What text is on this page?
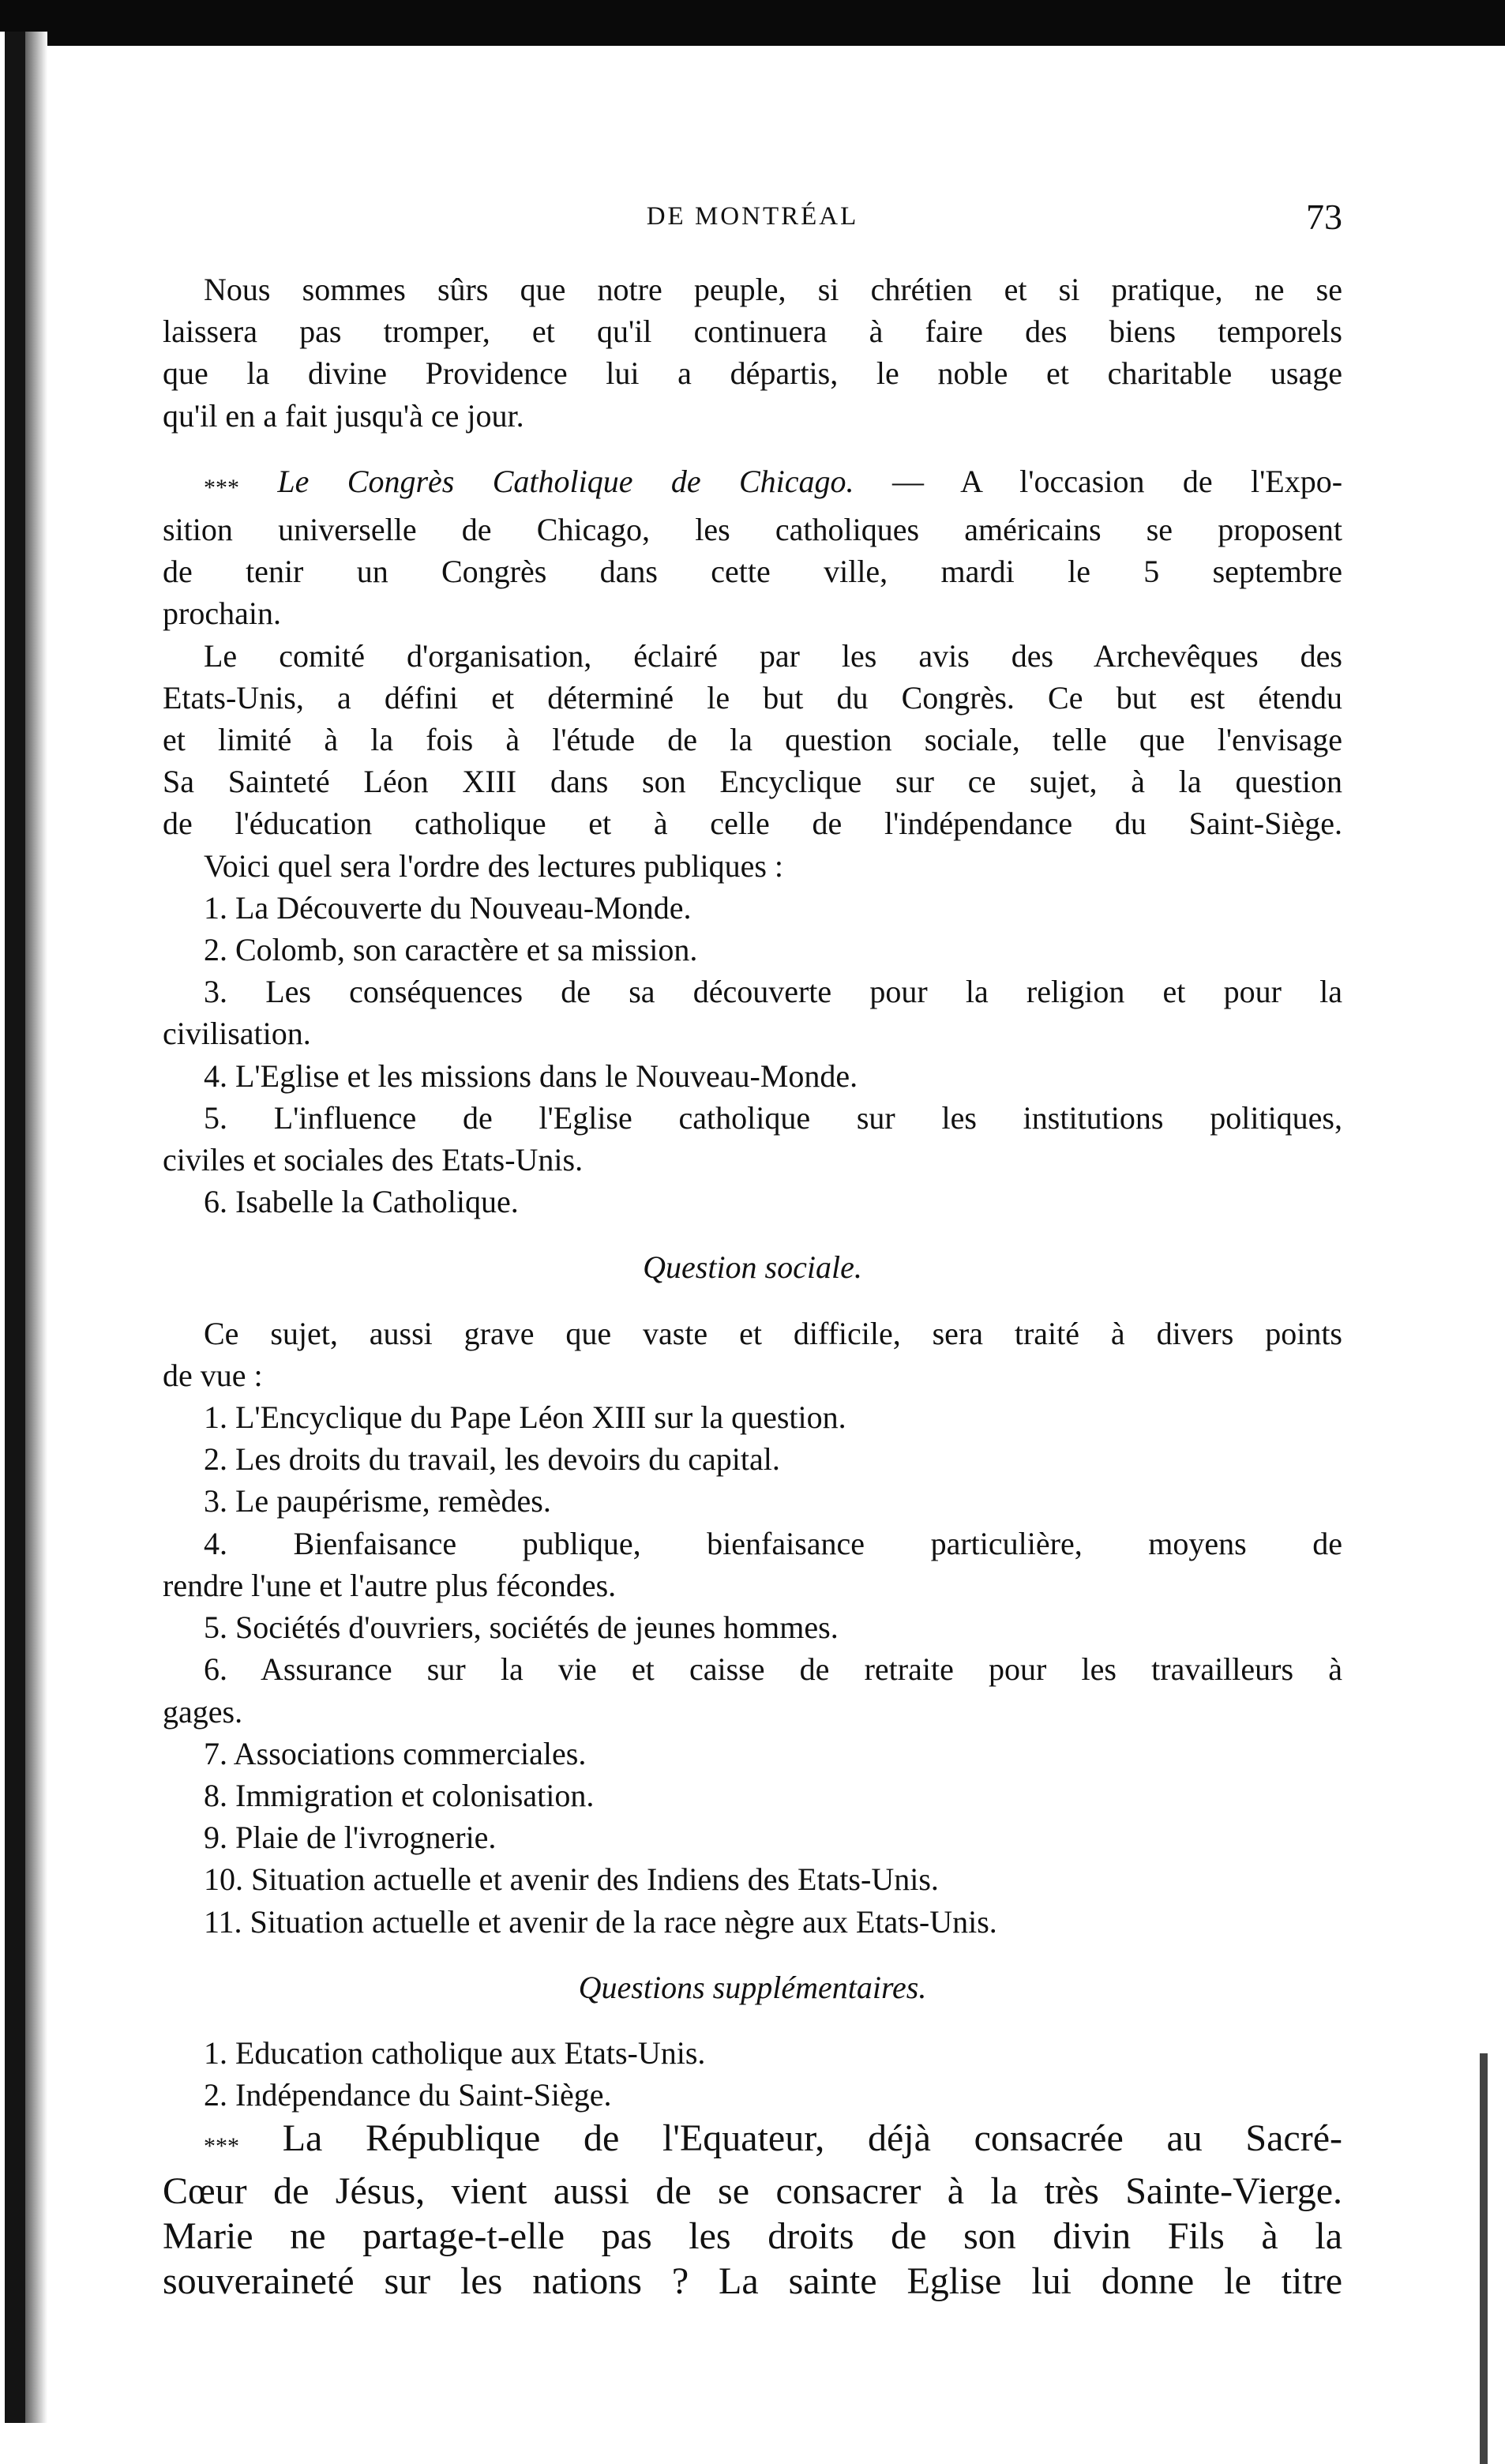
DE MONTRÉAL	73
Nous sommes sûrs que notre peuple, si chrétien et si pratique, ne se
laissera pas tromper, et qu'il continuera à faire des biens temporels
que la divine Providence lui a départis, le noble et charitable usage
qu'il en a fait jusqu'à ce jour.
*** Le Congrès Catholique de Chicago. — A l'occasion de l'Expo-
sition universelle de Chicago, les catholiques américains se proposent
de tenir un Congrès dans cette ville, mardi le 5 septembre
prochain.
Le comité d'organisation, éclairé par les avis des Archevêques des
Etats-Unis, a défini et déterminé le but du Congrès. Ce but est étendu
et limité à la fois à l'étude de la question sociale, telle que l'envisage
Sa Sainteté Léon XIII dans son Encyclique sur ce sujet, à la question
de l'éducation catholique et à celle de l'indépendance du Saint-Siège.
Voici quel sera l'ordre des lectures publiques :
1. La Découverte du Nouveau-Monde.
2. Colomb, son caractère et sa mission.
3. Les conséquences de sa découverte pour la religion et pour la
civilisation.
4. L'Eglise et les missions dans le Nouveau-Monde.
5. L'influence de l'Eglise catholique sur les institutions politiques,
civiles et sociales des Etats-Unis.
6. Isabelle la Catholique.
Question sociale.
Ce sujet, aussi grave que vaste et difficile, sera traité à divers points
de vue :
1. L'Encyclique du Pape Léon XIII sur la question.
2. Les droits du travail, les devoirs du capital.
3. Le paupérisme, remèdes.
4. Bienfaisance publique, bienfaisance particulière, moyens de
rendre l'une et l'autre plus fécondes.
5. Sociétés d'ouvriers, sociétés de jeunes hommes.
6. Assurance sur la vie et caisse de retraite pour les travailleurs à
gages.
7. Associations commerciales.
8. Immigration et colonisation.
9. Plaie de l'ivrognerie.
10. Situation actuelle et avenir des Indiens des Etats-Unis.
11. Situation actuelle et avenir de la race nègre aux Etats-Unis.
Questions supplémentaires.
1. Education catholique aux Etats-Unis.
2. Indépendance du Saint-Siège.
*** La République de l'Equateur, déjà consacrée au Sacré-
Cœur de Jésus, vient aussi de se consacrer à la très Sainte-Vierge.
Marie ne partage-t-elle pas les droits de son divin Fils à la
souveraineté sur les nations ? La sainte Eglise lui donne le titre
